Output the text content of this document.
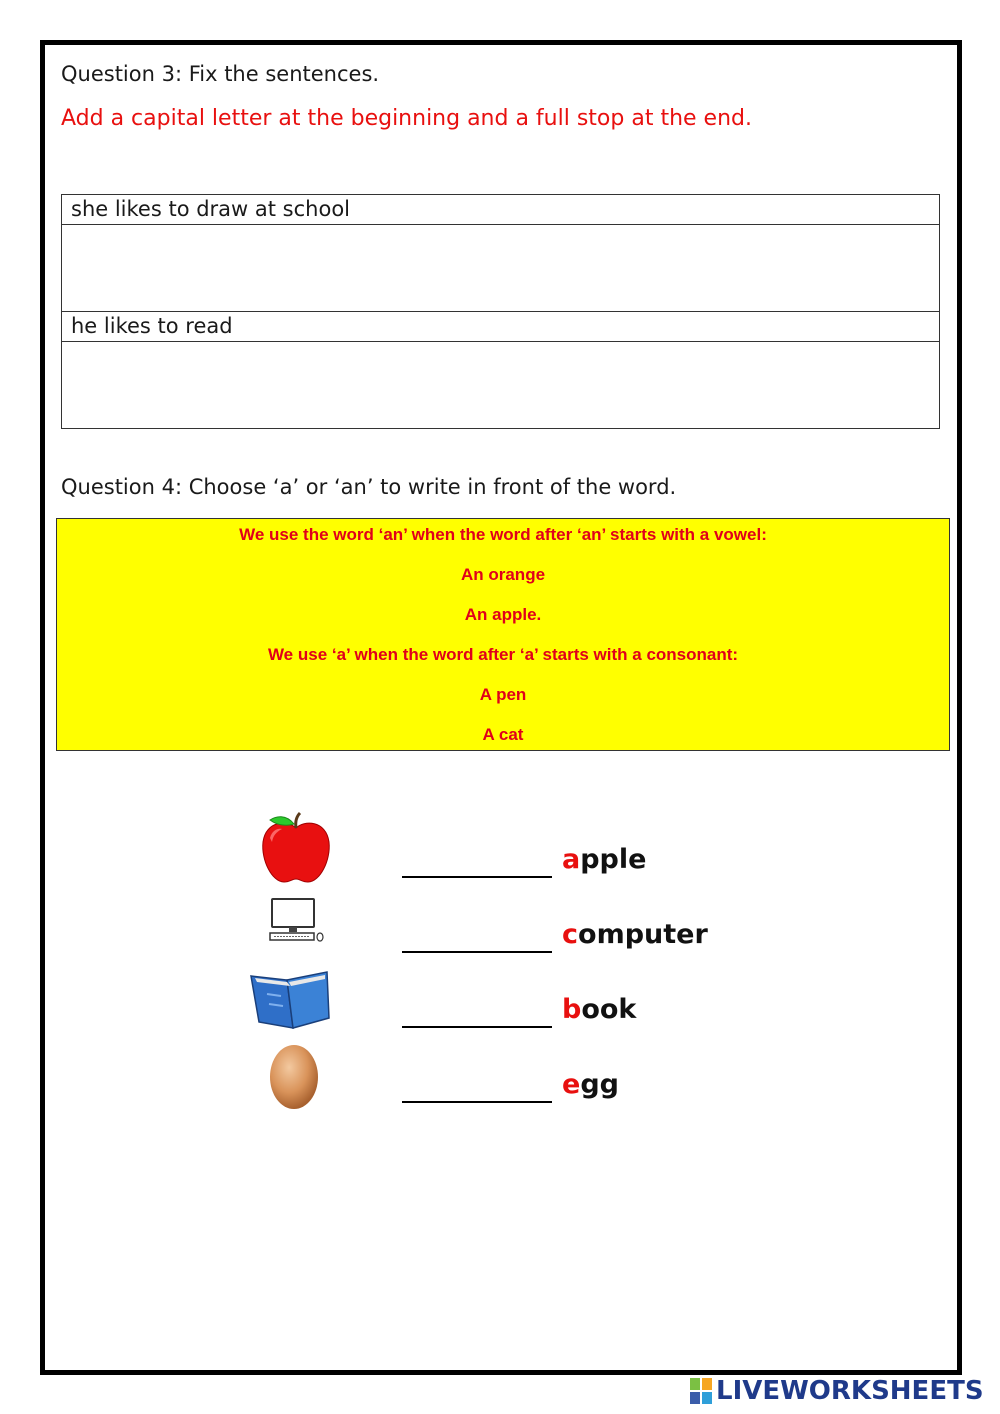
Question 3: Fix the sentences.
Add a capital letter at the beginning and a full stop at the end.
she likes to draw at school

he likes to read

Question 4: Choose ‘a’ or ‘an’ to write in front of the word.
We use the word ‘an’ when the word after ‘an’ starts with a vowel:
An orange
An apple.
We use ‘a’ when the word after ‘a’ starts with a consonant:
A pen
A cat
apple
computer
book
egg
LIVEWORKSHEETS
